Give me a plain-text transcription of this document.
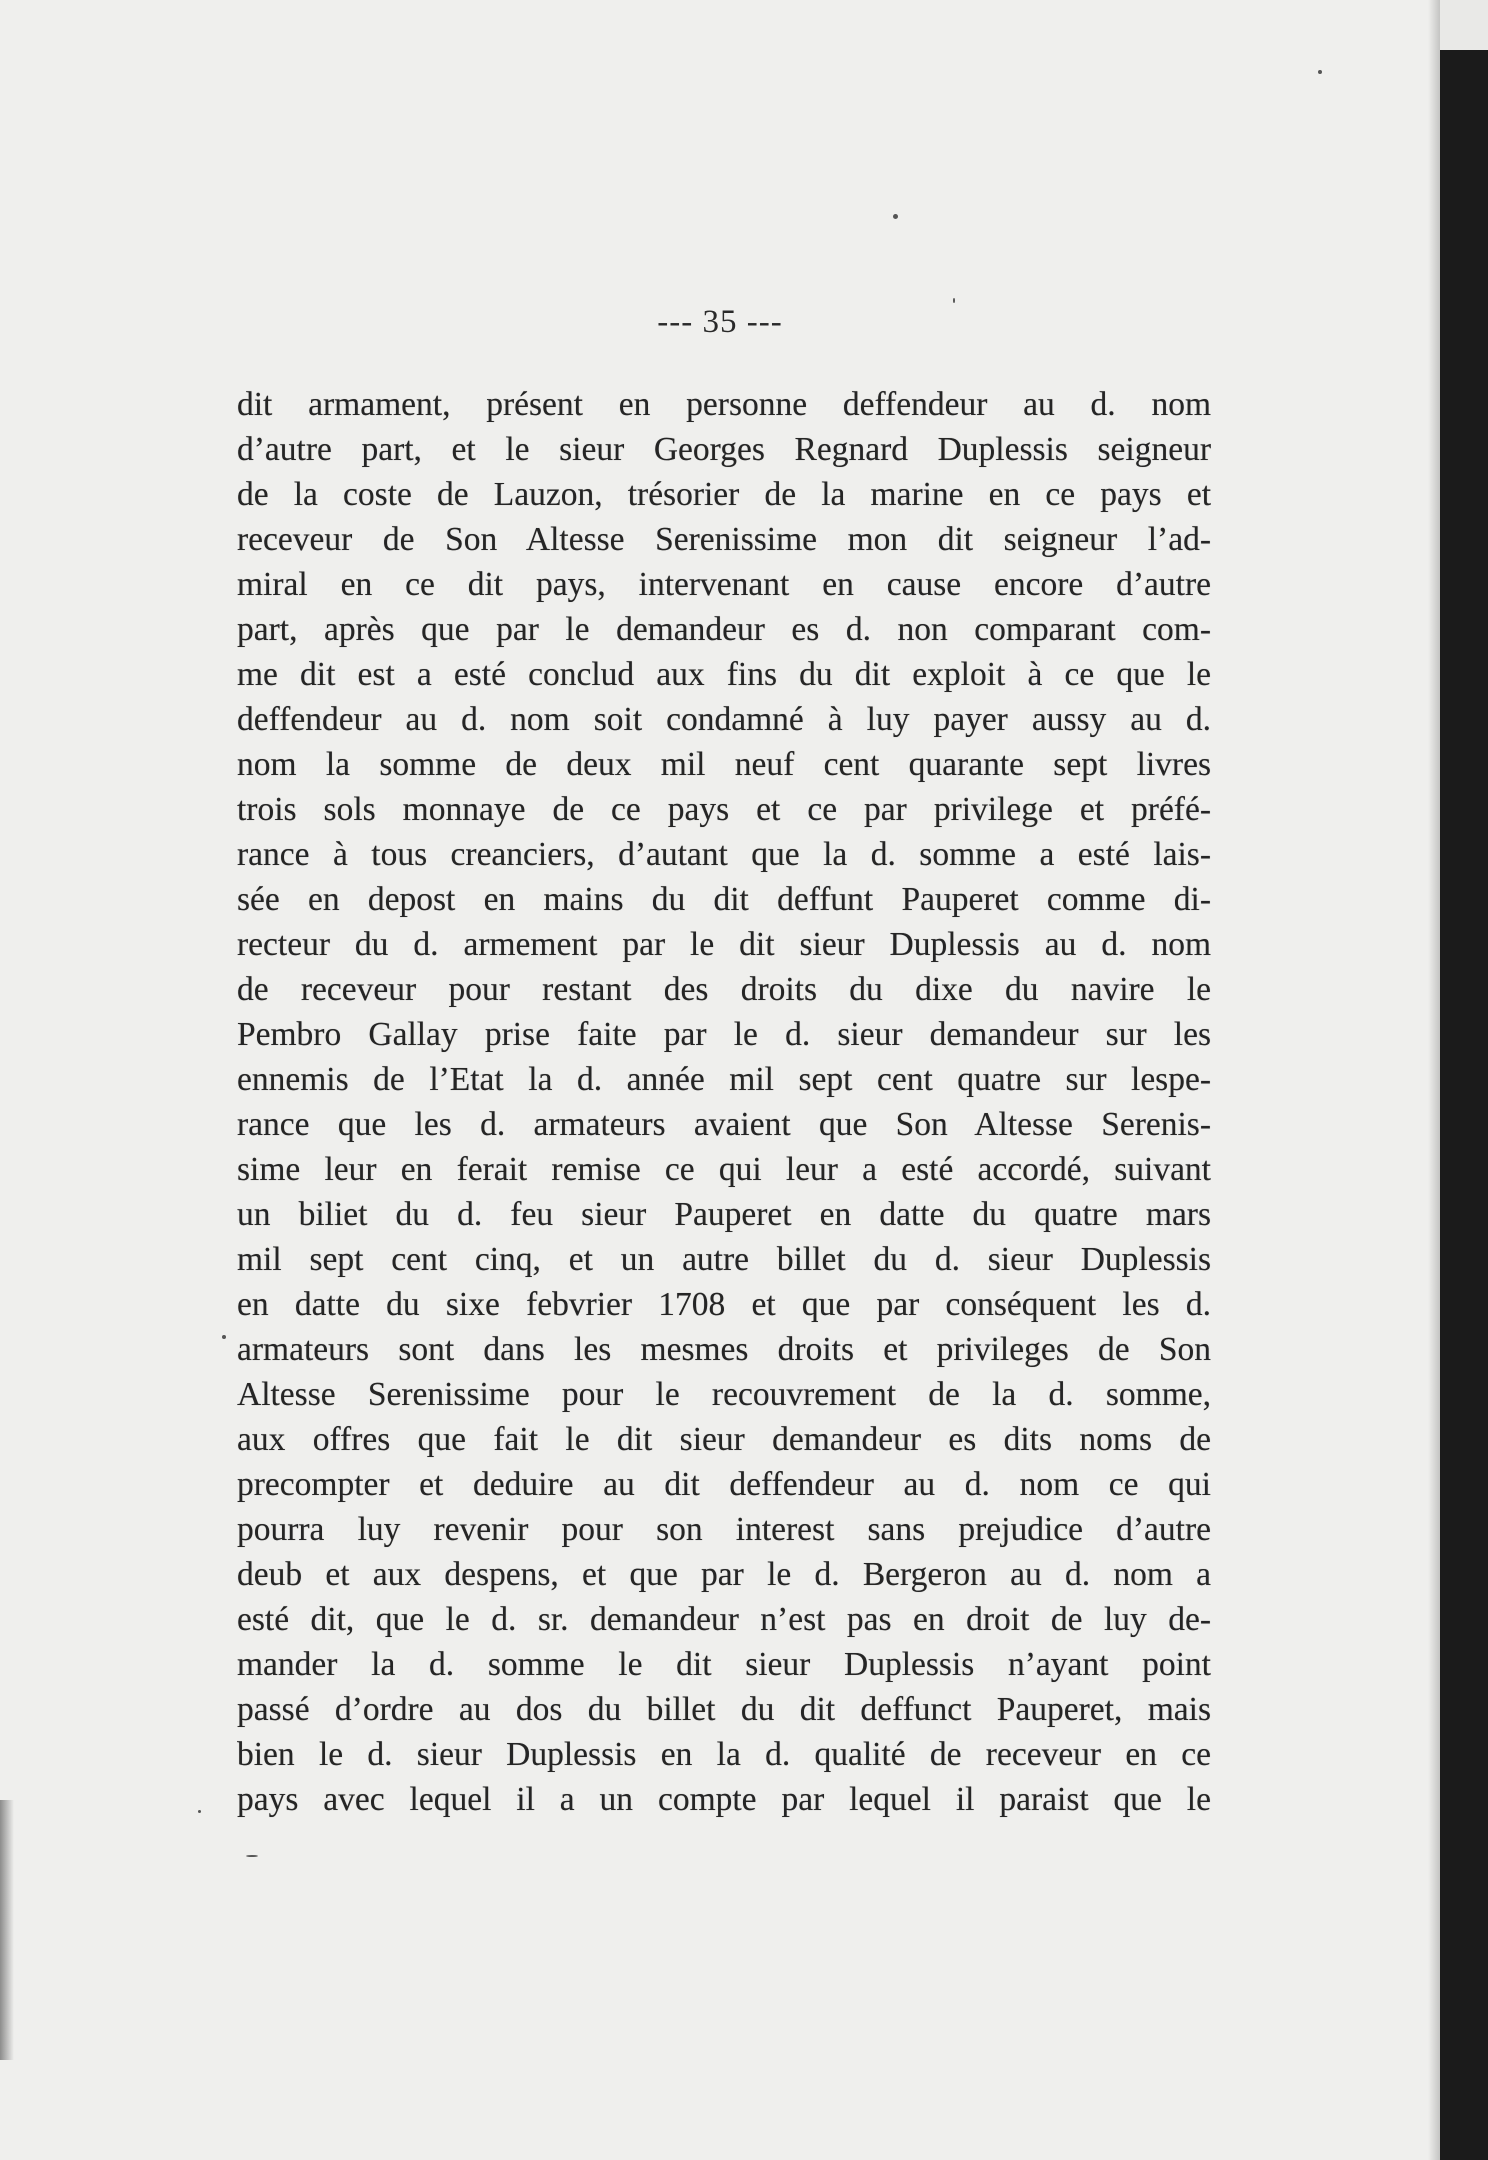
--- 35 ---
dit armament, présent en personne deffendeur au d. nom
d’autre part, et le sieur Georges Regnard Duplessis seigneur
de la coste de Lauzon, trésorier de la marine en ce pays et
receveur de Son Altesse Serenissime mon dit seigneur l’ad-
miral en ce dit pays, intervenant en cause encore d’autre
part, après que par le demandeur es d. non comparant com-
me dit est a esté conclud aux fins du dit exploit à ce que le
deffendeur au d. nom soit condamné à luy payer aussy au d.
nom la somme de deux mil neuf cent quarante sept livres
trois sols monnaye de ce pays et ce par privilege et préfé-
rance à tous creanciers, d’autant que la d. somme a esté lais-
sée en depost en mains du dit deffunt Pauperet comme di-
recteur du d. armement par le dit sieur Duplessis au d. nom
de receveur pour restant des droits du dixe du navire le
Pembro Gallay prise faite par le d. sieur demandeur sur les
ennemis de l’Etat la d. année mil sept cent quatre sur lespe-
rance que les d. armateurs avaient que Son Altesse Serenis-
sime leur en ferait remise ce qui leur a esté accordé, suivant
un biliet du d. feu sieur Pauperet en datte du quatre mars
mil sept cent cinq, et un autre billet du d. sieur Duplessis
en datte du sixe febvrier 1708 et que par conséquent les d.
armateurs sont dans les mesmes droits et privileges de Son
Altesse Serenissime pour le recouvrement de la d. somme,
aux offres que fait le dit sieur demandeur es dits noms de
precompter et deduire au dit deffendeur au d. nom ce qui
pourra luy revenir pour son interest sans prejudice d’autre
deub et aux despens, et que par le d. Bergeron au d. nom a
esté dit, que le d. sr. demandeur n’est pas en droit de luy de-
mander la d. somme le dit sieur Duplessis n’ayant point
passé d’ordre au dos du billet du dit deffunct Pauperet, mais
bien le d. sieur Duplessis en la d. qualité de receveur en ce
pays avec lequel il a un compte par lequel il paraist que le
